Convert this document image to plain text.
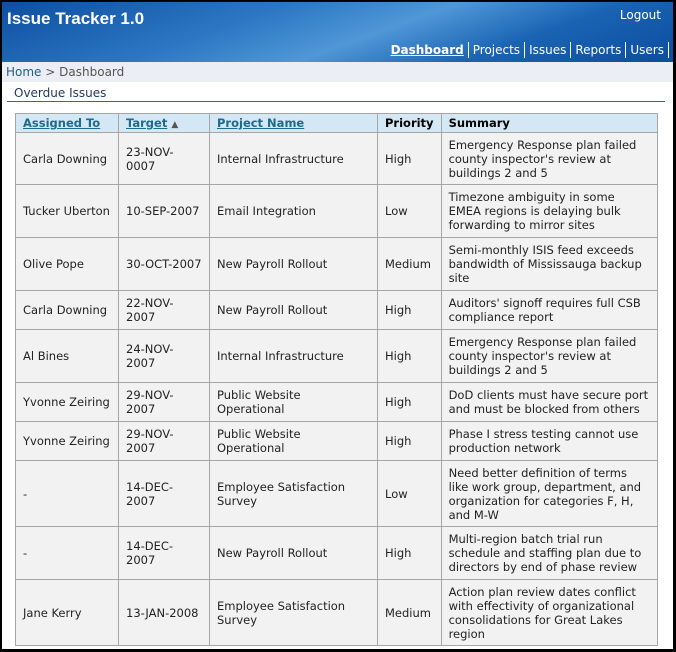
Issue Tracker 1.0	Logout
Dashboard Projects Issues Reports Users
Home > Dashboard
Overdue Issues
Assigned To	Target ▲	Project Name	Priority	Summary
Carla Downing	23-NOV-0007	Internal Infrastructure	High	Emergency Response plan failed county inspector's review at buildings 2 and 5
Tucker Uberton	10-SEP-2007	Email Integration	Low	Timezone ambiguity in some EMEA regions is delaying bulk forwarding to mirror sites
Olive Pope	30-OCT-2007	New Payroll Rollout	Medium	Semi-monthly ISIS feed exceeds bandwidth of Mississauga backup site
Carla Downing	22-NOV-2007	New Payroll Rollout	High	Auditors' signoff requires full CSB compliance report
Al Bines	24-NOV-2007	Internal Infrastructure	High	Emergency Response plan failed county inspector's review at buildings 2 and 5
Yvonne Zeiring	29-NOV-2007	Public Website Operational	High	DoD clients must have secure port and must be blocked from others
Yvonne Zeiring	29-NOV-2007	Public Website Operational	High	Phase I stress testing cannot use production network
-	14-DEC-2007	Employee Satisfaction Survey	Low	Need better definition of terms like work group, department, and organization for categories F, H, and M-W
-	14-DEC-2007	New Payroll Rollout	High	Multi-region batch trial run schedule and staffing plan due to directors by end of phase review
Jane Kerry	13-JAN-2008	Employee Satisfaction Survey	Medium	Action plan review dates conflict with effectivity of organizational consolidations for Great Lakes region
